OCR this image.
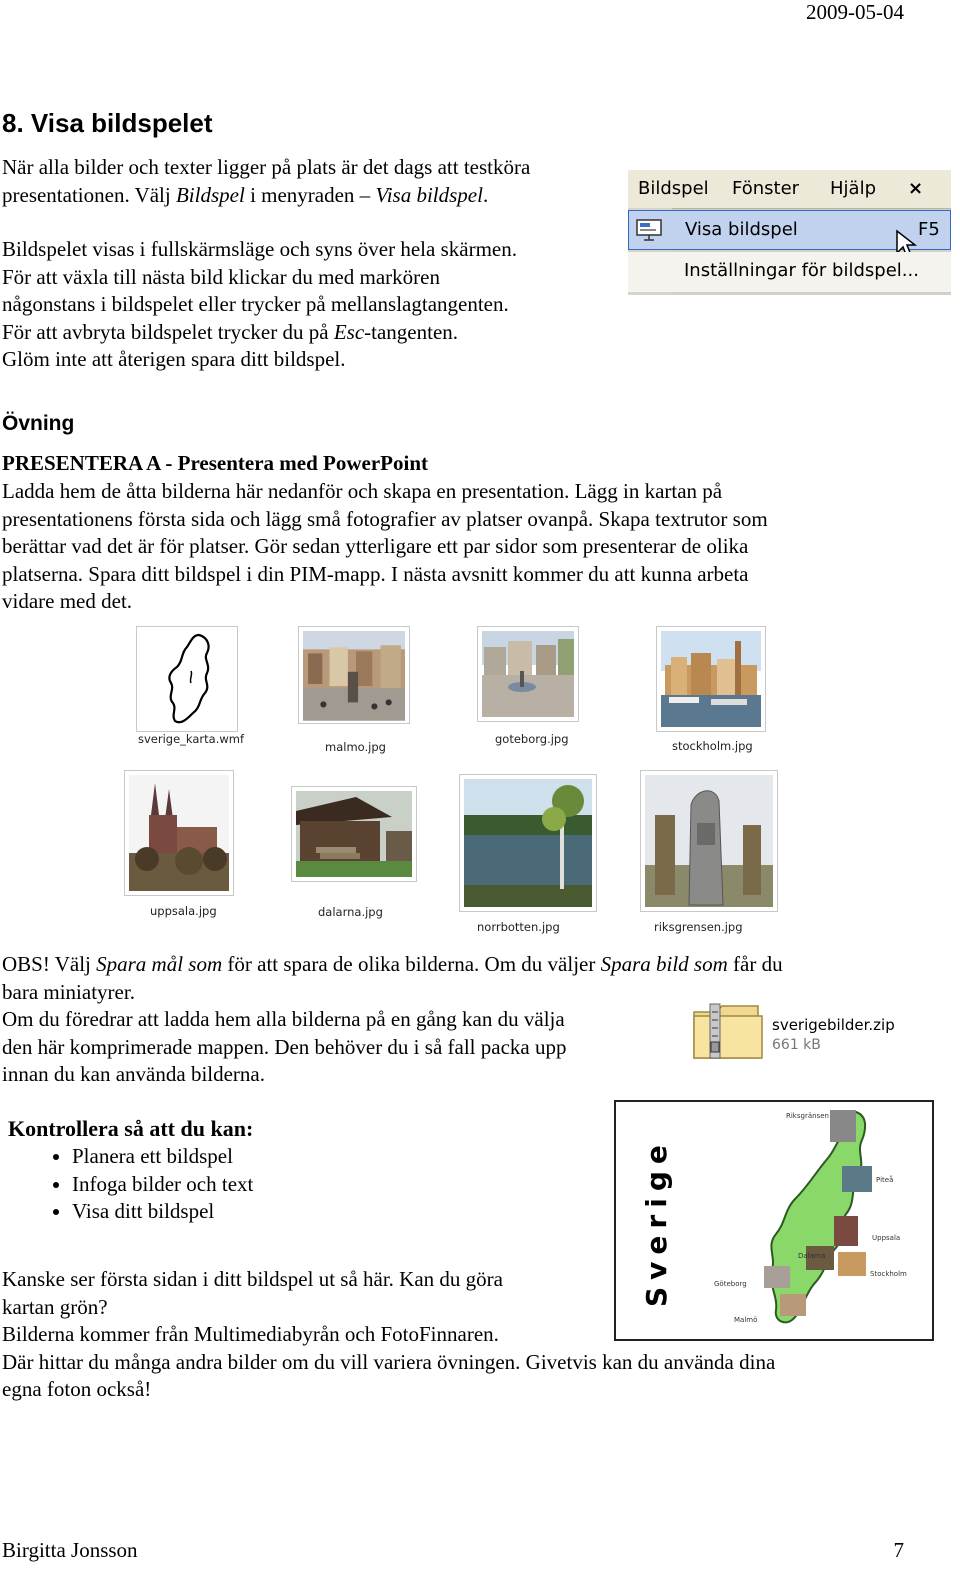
2009-05-04
8. Visa bildspelet
När alla bilder och texter ligger på plats är det dags att testköra
presentationen. Välj Bildspel i menyraden – Visa bildspel.
Bildspelet visas i fullskärmsläge och syns över hela skärmen.
För att växla till nästa bild klickar du med markören
någonstans i bildspelet eller trycker på mellanslagtangenten.
För att avbryta bildspelet trycker du på Esc-tangenten.
Glöm inte att återigen spara ditt bildspel.
Bildspel Fönster Hjälp ×
Visa bildspel	F5
Inställningar för bildspel...
Övning
PRESENTERA A - Presentera med PowerPoint
Ladda hem de åtta bilderna här nedanför och skapa en presentation. Lägg in kartan på
presentationens första sida och lägg små fotografier av platser ovanpå. Skapa textrutor som
berättar vad det är för platser. Gör sedan ytterligare ett par sidor som presenterar de olika
platserna. Spara ditt bildspel i din PIM-mapp. I nästa avsnitt kommer du att kunna arbeta
vidare med det.
sverige_karta.wmf
malmo.jpg
goteborg.jpg	stockholm.jpg
uppsala.jpg	dalarna.jpg
norrbotten.jpg	riksgrensen.jpg
OBS! Välj Spara mål som för att spara de olika bilderna. Om du väljer Spara bild som får du
bara miniatyrer.
Om du föredrar att ladda hem alla bilderna på en gång kan du välja
den här komprimerade mappen. Den behöver du i så fall packa upp
innan du kan använda bilderna.
sverigebilder.zip
661 kB
Kontrollera så att du kan:
• Planera ett bildspel
• Infoga bilder och text
• Visa ditt bildspel	Sverige
Riksgränsen
Piteå
Uppsala
Dalarna
Stockholm
Göteborg
Malmö
Kanske ser första sidan i ditt bildspel ut så här. Kan du göra
kartan grön?
Bilderna kommer från Multimediabyrån och FotoFinnaren.
Där hittar du många andra bilder om du vill variera övningen. Givetvis kan du använda dina
egna foton också!
Birgitta Jonsson	7
